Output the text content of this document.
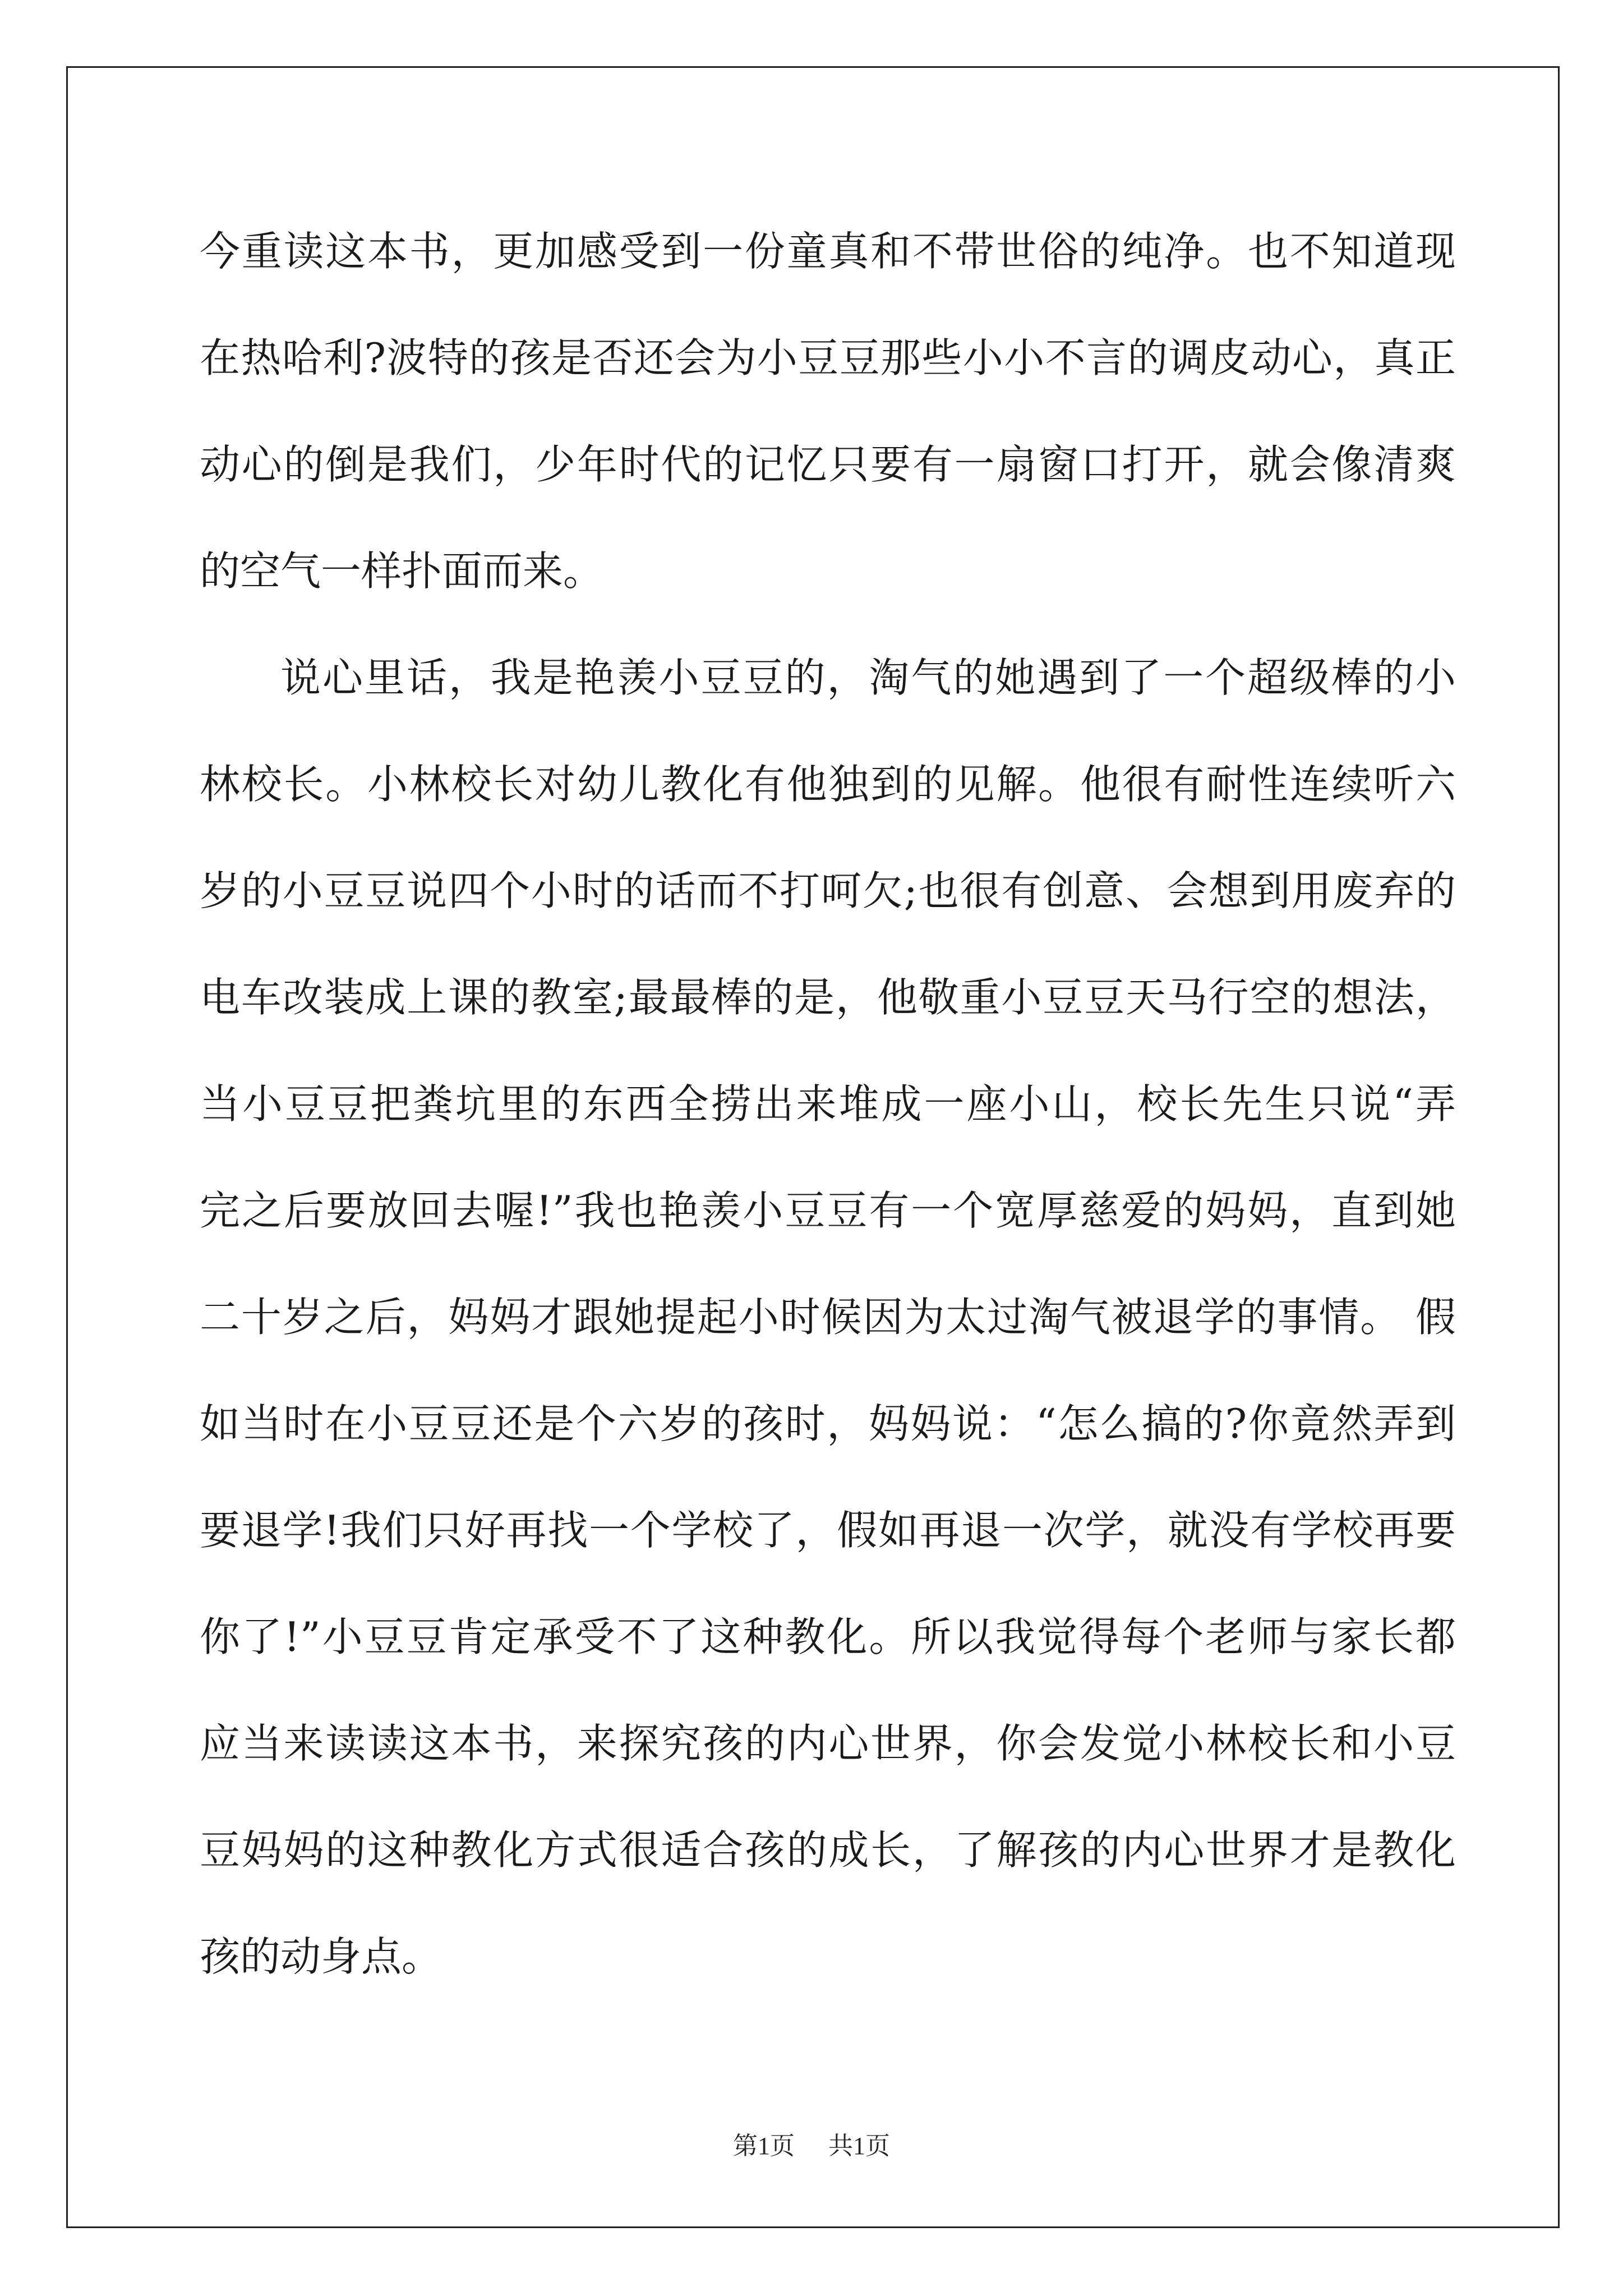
今重读这本书，更加感受到一份童真和不带世俗的纯净。也不知道现
在热哈利?波特的孩是否还会为小豆豆那些小小不言的调皮动心，真正
动心的倒是我们，少年时代的记忆只要有一扇窗口打开，就会像清爽
的空气一样扑面而来。
说心里话，我是艳羡小豆豆的，淘气的她遇到了一个超级棒的小
林校长。小林校长对幼儿教化有他独到的见解。他很有耐性连续听六
岁的小豆豆说四个小时的话而不打呵欠;也很有创意、会想到用废弃的
电车改装成上课的教室;最最棒的是，他敬重小豆豆天马行空的想法，
当小豆豆把粪坑里的东西全捞出来堆成一座小山，校长先生只说“弄
完之后要放回去喔!”我也艳羡小豆豆有一个宽厚慈爱的妈妈，直到她
二十岁之后，妈妈才跟她提起小时候因为太过淘气被退学的事情。 假
如当时在小豆豆还是个六岁的孩时，妈妈说：“怎么搞的?你竟然弄到
要退学!我们只好再找一个学校了，假如再退一次学，就没有学校再要
你了!”小豆豆肯定承受不了这种教化。所以我觉得每个老师与家长都
应当来读读这本书，来探究孩的内心世界，你会发觉小林校长和小豆
豆妈妈的这种教化方式很适合孩的成长，了解孩的内心世界才是教化
孩的动身点。
第1页 共1页
